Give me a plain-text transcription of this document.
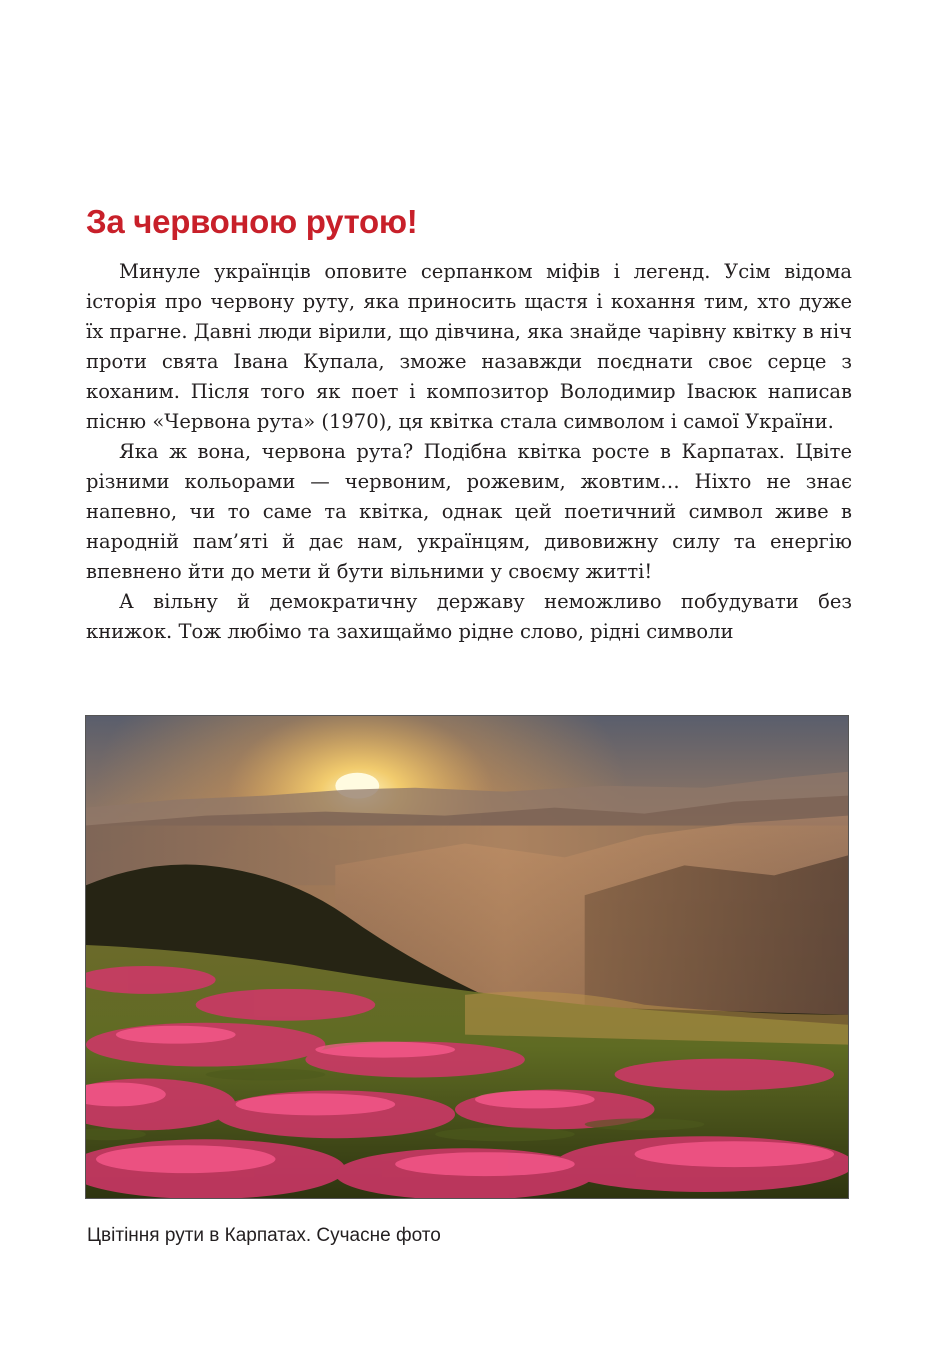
За червоною рутою!

Минуле українців оповите серпанком міфів і легенд. Усім відома історія про червону руту, яка приносить щастя і кохання тим, хто дуже їх прагне. Давні люди вірили, що дівчина, яка знайде чарівну квітку в ніч проти свята Івана Купала, зможе назавжди поєднати своє серце з коханим. Після того як поет і композитор Володимир Івасюк написав пісню «Червона рута» (1970), ця квітка стала символом і самої України.

Яка ж вона, червона рута? Подібна квітка росте в Карпатах. Цвіте різними кольорами — червоним, рожевим, жовтим… Ніхто не знає напевно, чи то саме та квітка, однак цей поетичний символ живе в народній пам’яті й дає нам, українцям, дивовижну силу та енергію впевнено йти до мети й бути вільними у своєму житті!

А вільну й демократичну державу неможливо побудувати без книжок. Тож любімо та захищаймо рідне слово, рідні символи

Цвітіння рути в Карпатах. Сучасне фото
